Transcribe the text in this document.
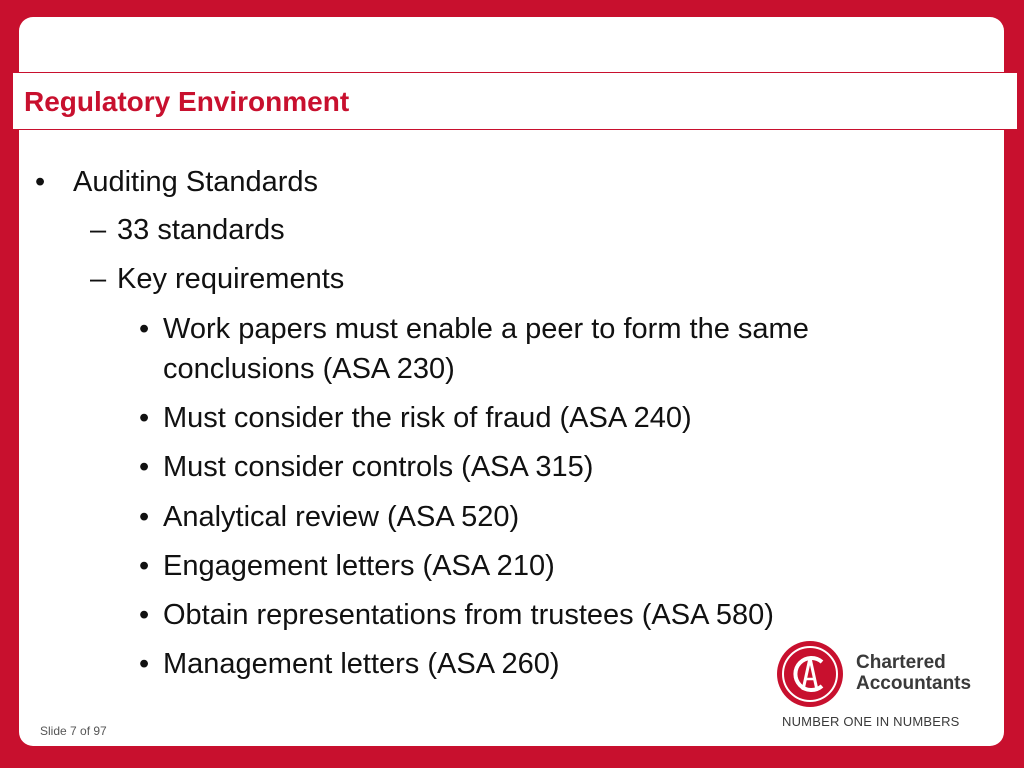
Regulatory Environment
• Auditing Standards
– 33 standards
– Key requirements
• Work papers must enable a peer to form the same
conclusions (ASA 230)
• Must consider the risk of fraud (ASA 240)
• Must consider controls (ASA 315)
• Analytical review (ASA 520)
• Engagement letters (ASA 210)
• Obtain representations from trustees (ASA 580)
• Management letters (ASA 260)
Slide 7 of 97
Chartered
Accountants
NUMBER ONE IN NUMBERS
